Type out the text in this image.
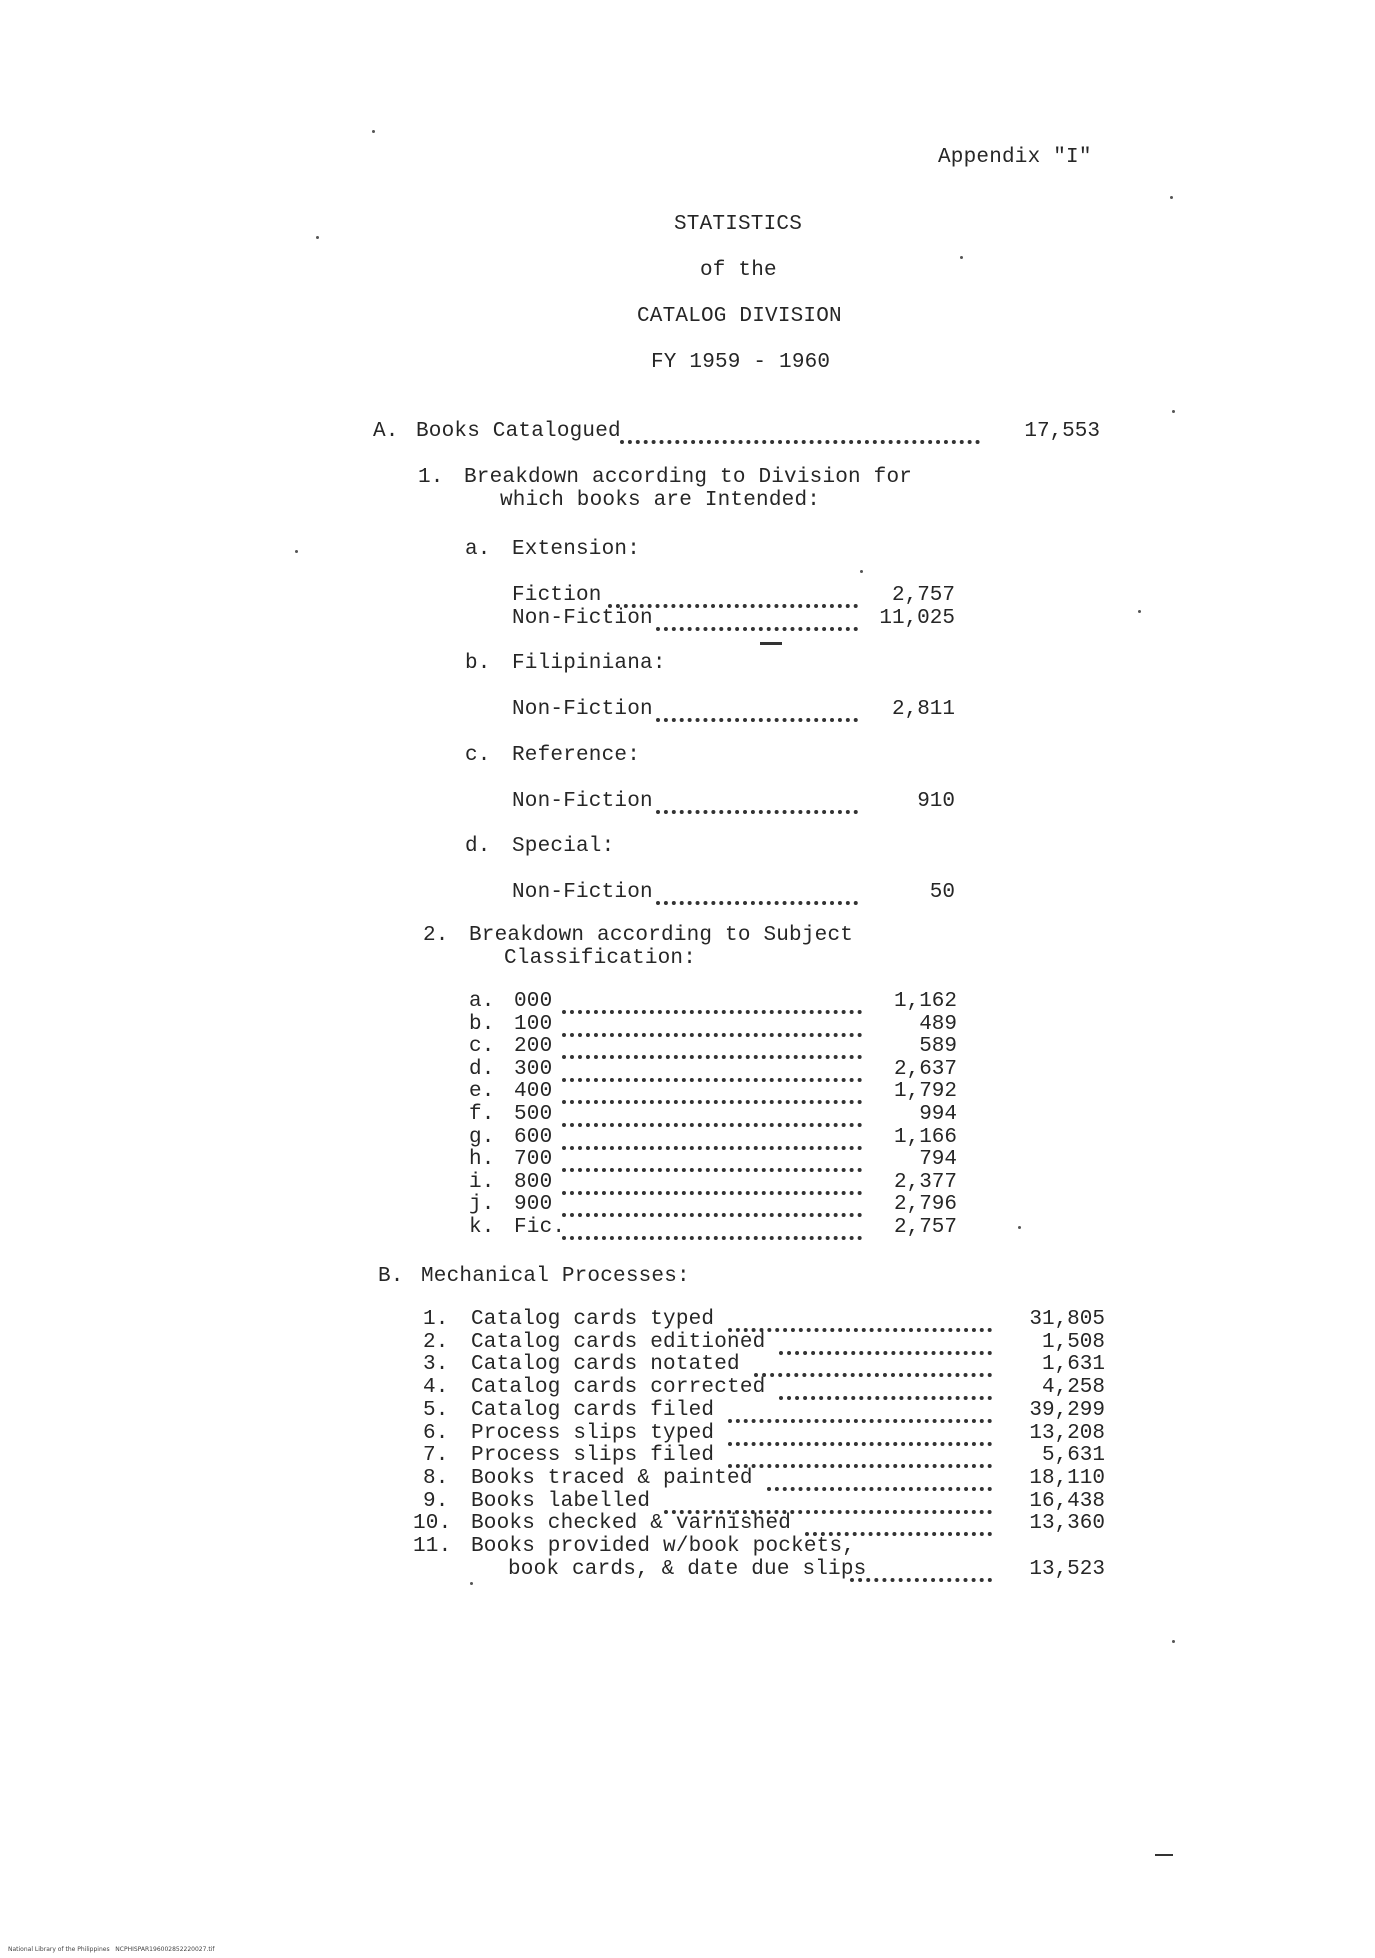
Appendix "I"
STATISTICS
of the
CATALOG DIVISION
FY 1959 - 1960
A. Books Catalogued	17,553
1. Breakdown according to Division for
which books are Intended:
a. Extension:
Fiction	2,757
Non-Fiction	11,025
b. Filipiniana:
Non-Fiction	2,811
c. Reference:
Non-Fiction	910
d. Special:
Non-Fiction	50
2. Breakdown according to Subject
Classification:
a. 000	1,162
b. 100	489
c. 200	589
d. 300	2,637
e. 400	1,792
f. 500	994
g. 600	1,166
h. 700	794
i. 800	2,377
j. 900	2,796
k. Fic.	2,757
B. Mechanical Processes:
1. Catalog cards typed	31,805
2. Catalog cards editioned	1,508
3. Catalog cards notated	1,631
4. Catalog cards corrected	4,258
5. Catalog cards filed	39,299
6. Process slips typed	13,208
7. Process slips filed	5,631
8. Books traced & painted	18,110
9. Books labelled	16,438
10. Books checked & varnished	13,360
11. Books provided w/book pockets,
book cards, & date due slips	13,523
National Library of the Philippines   NCPHISPAR196002852220027.tif
